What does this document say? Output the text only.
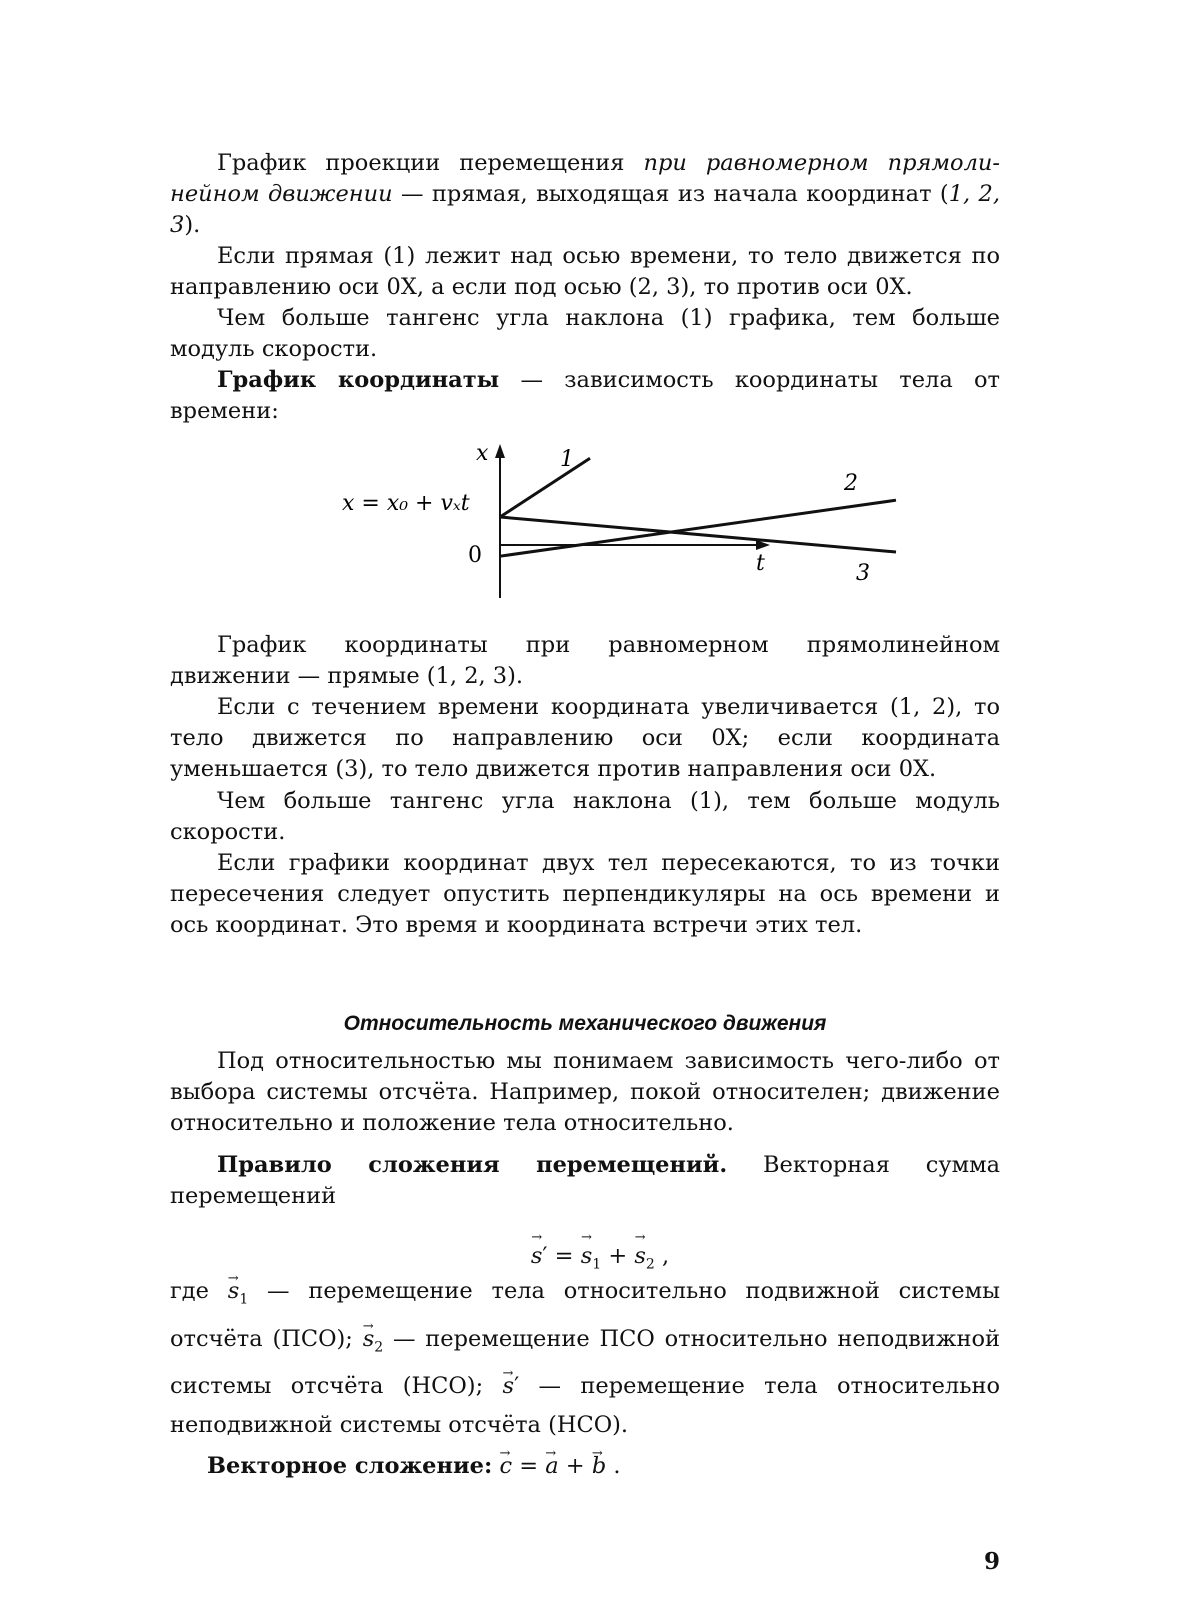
График проекции перемещения при равномерном прямоли-нейном движении — прямая, выходящая из начала координат (1, 2, 3).

Если прямая (1) лежит над осью времени, то тело движется по направлению оси 0X, а если под осью (2, 3), то против оси 0X.

Чем больше тангенс угла наклона (1) графика, тем больше модуль скорости.

График координаты — зависимость координаты тела от времени:

x
t
0
x = x₀ + vₓt
1
2
3

График координаты при равномерном прямолинейном движении — прямые (1, 2, 3).

Если с течением времени координата увеличивается (1, 2), то тело движется по направлению оси 0X; если координата уменьшается (3), то тело движется против направления оси 0X.

Чем больше тангенс угла наклона (1), тем больше модуль скорости.

Если графики координат двух тел пересекаются, то из точки пересечения следует опустить перпендикуляры на ось времени и ось координат. Это время и координата встречи этих тел.

Относительность механического движения

Под относительностью мы понимаем зависимость чего-либо от выбора системы отсчёта. Например, покой относителен; движение относительно и положение тела относительно.

Правило сложения перемещений. Векторная сумма перемещений

→ s′ = → $s_1$ + → $s_2$ ,

где → $s_1$ — перемещение тела относительно подвижной системы отсчёта (ПСО); → $s_2$ — перемещение ПСО относительно неподвижной системы отсчёта (НСО); → s′ — перемещение тела относительно неподвижной системы отсчёта (НСО).

Векторное сложение: → c = → a + → b .

9
